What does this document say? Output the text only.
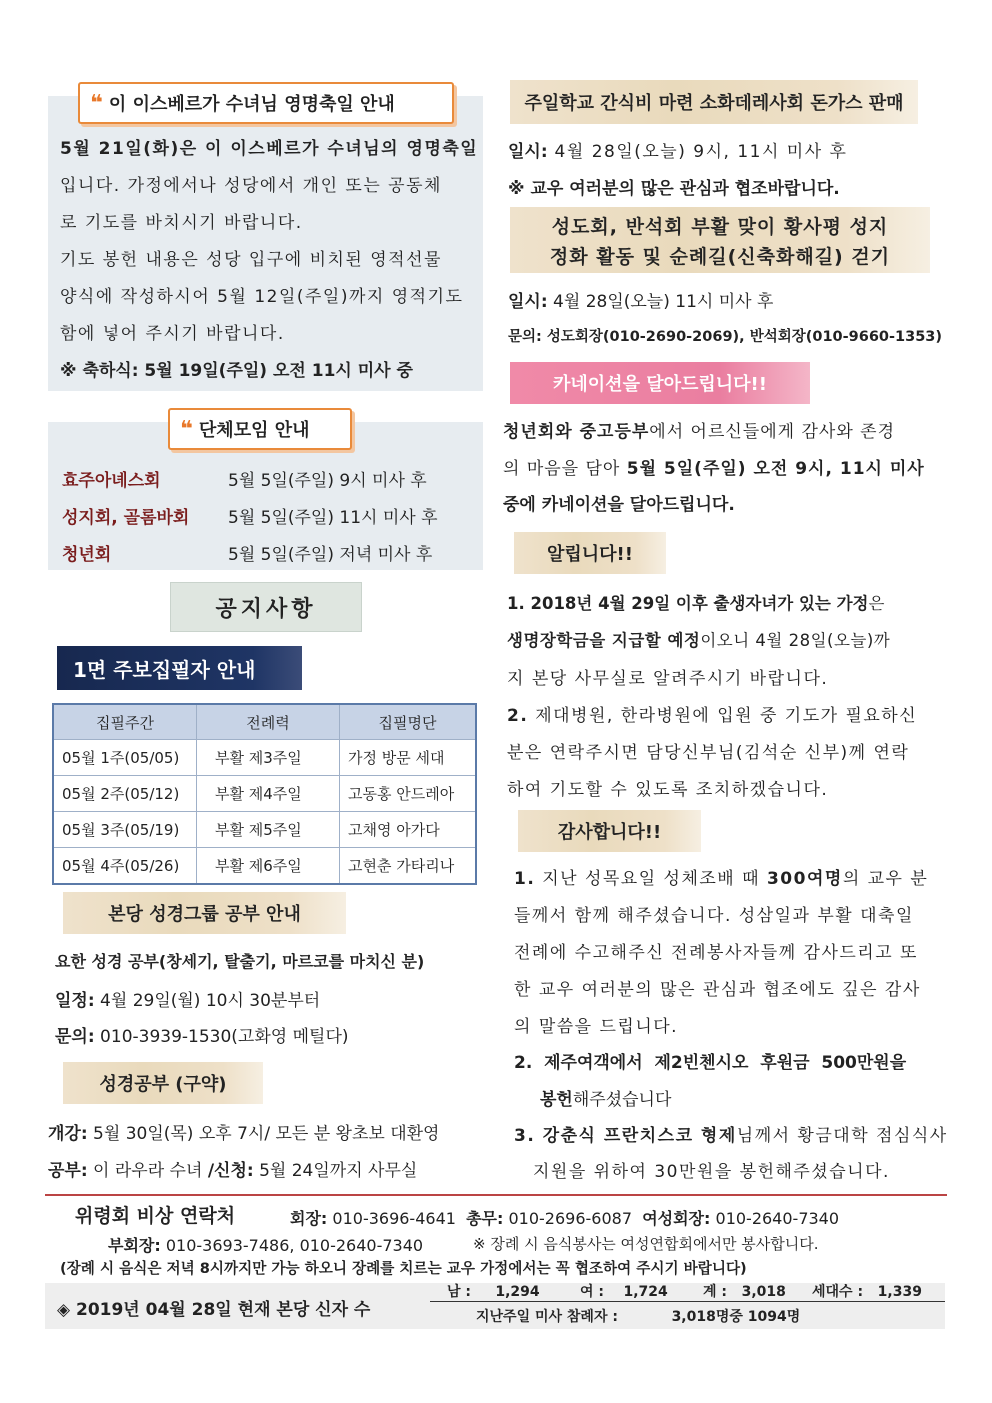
❝ 이 이스베르가 수녀님 영명축일 안내
5월 21일(화)은 이 이스베르가 수녀님의 영명축일
입니다. 가정에서나 성당에서 개인 또는 공동체
로 기도를 바치시기 바랍니다.
기도 봉헌 내용은 성당 입구에 비치된 영적선물
양식에 작성하시어 5월 12일(주일)까지 영적기도
함에 넣어 주시기 바랍니다.
※ 축하식: 5월 19일(주일) 오전 11시 미사 중
❝ 단체모임 안내
효주아녜스회	5월 5일(주일) 9시 미사 후
성지회, 골롬바회 5월 5일(주일) 11시 미사 후
청년회	5월 5일(주일) 저녁 미사 후
공지사항
1면 주보집필자 안내
집필주간	전례력	집필명단
05월 1주(05/05)	부활 제3주일	가정 방문 세대
05월 2주(05/12)	부활 제4주일	고동홍 안드레아
05월 3주(05/19)	부활 제5주일	고채영 아가다
05월 4주(05/26)	부활 제6주일	고현춘 가타리나
본당 성경그룹 공부 안내
요한 성경 공부(창세기, 탈출기, 마르코를 마치신 분)
일정: 4월 29일(월) 10시 30분부터
문의: 010-3939-1530(고화영 메틸다)
성경공부 (구약)
개강: 5월 30일(목) 오후 7시/ 모든 분 왕초보 대환영
공부: 이 라우라 수녀 /신청: 5월 24일까지 사무실
주일학교 간식비 마련 소화데레사회 돈가스 판매
일시: 4월 28일(오늘) 9시, 11시 미사 후
※ 교우 여러분의 많은 관심과 협조바랍니다.
성도회, 반석회 부활 맞이 황사평 성지
정화 활동 및 순례길(신축화해길) 걷기
일시: 4월 28일(오늘) 11시 미사 후
문의: 성도회장(010-2690-2069), 반석회장(010-9660-1353)
카네이션을 달아드립니다!!
청년회와 중고등부에서 어르신들에게 감사와 존경
의 마음을 담아 5월 5일(주일) 오전 9시, 11시 미사
중에 카네이션을 달아드립니다.
알립니다!!
1. 2018년 4월 29일 이후 출생자녀가 있는 가정은
생명장학금을 지급할 예정이오니 4월 28일(오늘)까
지 본당 사무실로 알려주시기 바랍니다.
2. 제대병원, 한라병원에 입원 중 기도가 필요하신
분은 연락주시면 담당신부님(김석순 신부)께 연락
하여 기도할 수 있도록 조치하겠습니다.
감사합니다!!
1. 지난 성목요일 성체조배 때 300여명의 교우 분
들께서 함께 해주셨습니다. 성삼일과 부활 대축일
전례에 수고해주신 전례봉사자들께 감사드리고 또
한 교우 여러분의 많은 관심과 협조에도 깊은 감사
의 말씀을 드립니다.
2.  제주여객에서  제2빈첸시오  후원금  500만원을
봉헌해주셨습니다
3. 강춘식 프란치스코 형제님께서 황금대학 점심식사
지원을 위하여 30만원을 봉헌해주셨습니다.
위령회 비상 연락처	회장: 010-3696-4641 총무: 010-2696-6087 여성회장: 010-2640-7340
부회장: 010-3693-7486, 010-2640-7340	※ 장례 시 음식봉사는 여성연합회에서만 봉사합니다.
(장례 시 음식은 저녁 8시까지만 가능 하오니 장례를 치르는 교우 가정에서는 꼭 협조하여 주시기 바랍니다)
◈ 2019년 04월 28일 현재 본당 신자 수
남 : 1,294	여 : 1,724	계 : 3,018 세대수 : 1,339
지난주일 미사 참례자 :	3,018명중 1094명
